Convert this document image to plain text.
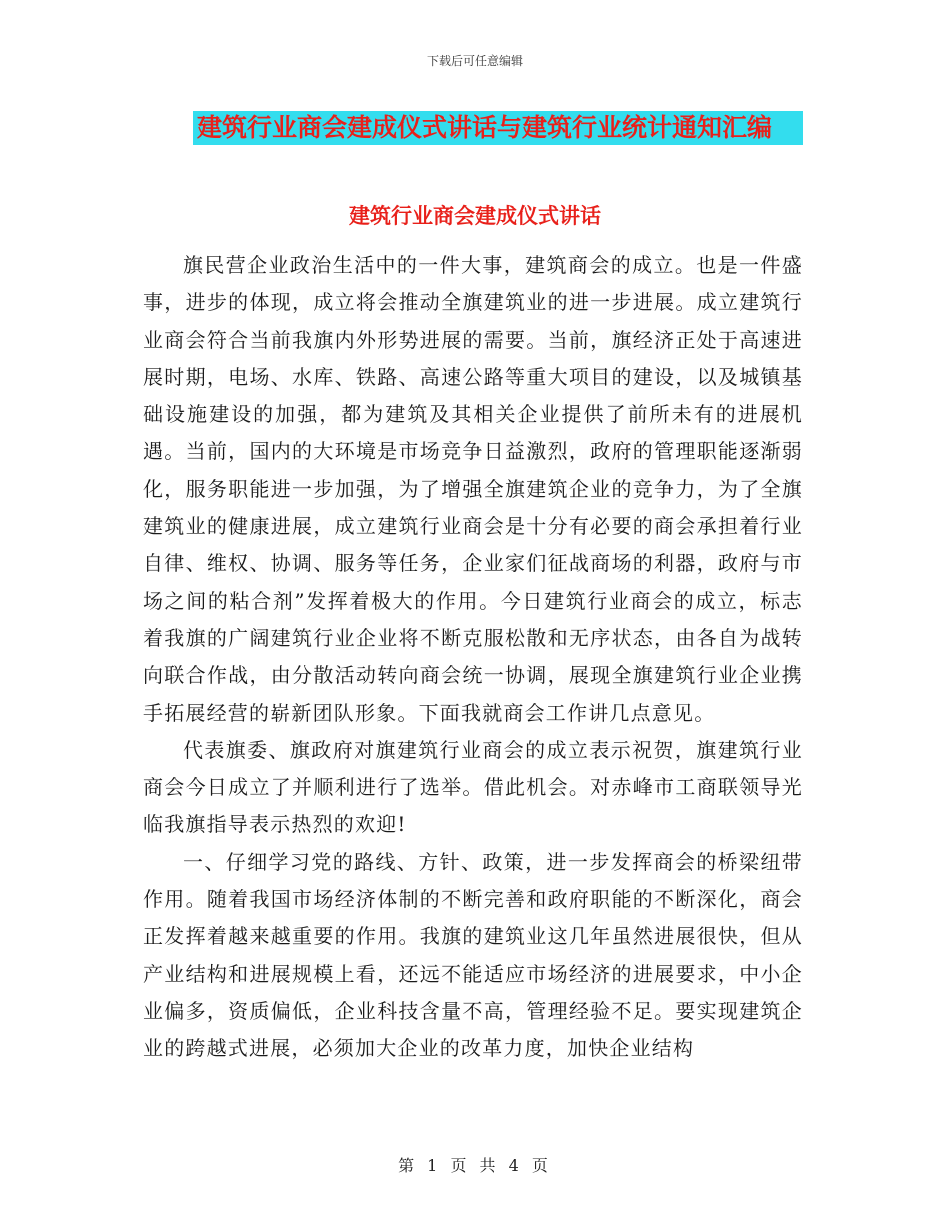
下载后可任意编辑
建筑行业商会建成仪式讲话与建筑行业统计通知汇编
建筑行业商会建成仪式讲话

旗民营企业政治生活中的一件大事，建筑商会的成立。也是一件盛事，进步的体现，成立将会推动全旗建筑业的进一步进展。成立建筑行业商会符合当前我旗内外形势进展的需要。当前，旗经济正处于高速进展时期，电场、水库、铁路、高速公路等重大项目的建设，以及城镇基础设施建设的加强，都为建筑及其相关企业提供了前所未有的进展机遇。当前，国内的大环境是市场竞争日益激烈，政府的管理职能逐渐弱化，服务职能进一步加强，为了增强全旗建筑企业的竞争力，为了全旗建筑业的健康进展，成立建筑行业商会是十分有必要的商会承担着行业自律、维权、协调、服务等任务，企业家们征战商场的利器，政府与市场之间的粘合剂”发挥着极大的作用。今日建筑行业商会的成立，标志着我旗的广阔建筑行业企业将不断克服松散和无序状态，由各自为战转向联合作战，由分散活动转向商会统一协调，展现全旗建筑行业企业携手拓展经营的崭新团队形象。下面我就商会工作讲几点意见。

代表旗委、旗政府对旗建筑行业商会的成立表示祝贺，旗建筑行业商会今日成立了并顺利进行了选举。借此机会。对赤峰市工商联领导光临我旗指导表示热烈的欢迎!

一、仔细学习党的路线、方针、政策，进一步发挥商会的桥梁纽带作用。随着我国市场经济体制的不断完善和政府职能的不断深化，商会正发挥着越来越重要的作用。我旗的建筑业这几年虽然进展很快，但从产业结构和进展规模上看，还远不能适应市场经济的进展要求，中小企业偏多，资质偏低，企业科技含量不高，管理经验不足。要实现建筑企业的跨越式进展，必须加大企业的改革力度，加快企业结构

第 1 页 共 4 页
